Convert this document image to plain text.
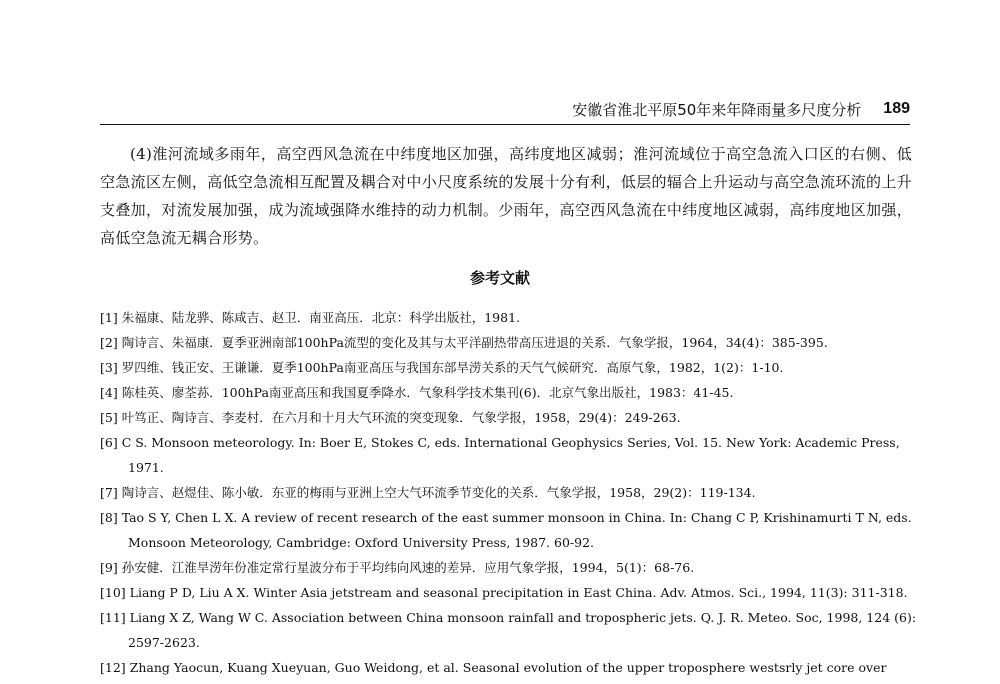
安徽省淮北平原50年来年降雨量多尺度分析 189

(4)淮河流域多雨年，高空西风急流在中纬度地区加强，高纬度地区减弱；淮河流域位于高空急流入口区的右侧、低空急流区左侧，高低空急流相互配置及耦合对中小尺度系统的发展十分有利，低层的辐合上升运动与高空急流环流的上升支叠加，对流发展加强，成为流域强降水维持的动力机制。少雨年，高空西风急流在中纬度地区减弱，高纬度地区加强，高低空急流无耦合形势。

参考文献
[1] 朱福康、陆龙骅、陈咸吉、赵卫．南亚高压．北京：科学出版社，1981.
[2] 陶诗言、朱福康．夏季亚洲南部100hPa流型的变化及其与太平洋副热带高压进退的关系．气象学报，1964，34(4)：385-395.
[3] 罗四维、钱正安、王谦谦．夏季100hPa南亚高压与我国东部旱涝关系的天气气候研究．高原气象，1982，1(2)：1-10.
[4] 陈桂英、廖荃荪．100hPa南亚高压和我国夏季降水．气象科学技术集刊(6)．北京气象出版社，1983：41-45.
[5] 叶笃正、陶诗言、李麦村．在六月和十月大气环流的突变现象．气象学报，1958，29(4)：249-263.
[6] C S. Monsoon meteorology. In: Boer E, Stokes C, eds. International Geophysics Series, Vol. 15. New York: Academic Press, 1971.
[7] 陶诗言、赵煜佳、陈小敏．东亚的梅雨与亚洲上空大气环流季节变化的关系．气象学报，1958，29(2)：119-134.
[8] Tao S Y, Chen L X. A review of recent research of the east summer monsoon in China. In: Chang C P, Krishinamurti T N, eds. Monsoon Meteorology, Cambridge: Oxford University Press, 1987. 60-92.
[9] 孙安健．江淮旱涝年份准定常行星波分布于平均纬向风速的差异．应用气象学报，1994，5(1)：68-76.
[10] Liang P D, Liu A X. Winter Asia jetstream and seasonal precipitation in East China. Adv. Atmos. Sci., 1994, 11(3): 311-318.
[11] Liang X Z, Wang W C. Association between China monsoon rainfall and tropospheric jets. Q. J. R. Meteo. Soc, 1998, 124 (6): 2597-2623.
[12] Zhang Yaocun, Kuang Xueyuan, Guo Weidong, et al. Seasonal evolution of the upper troposphere westsrly jet core over
